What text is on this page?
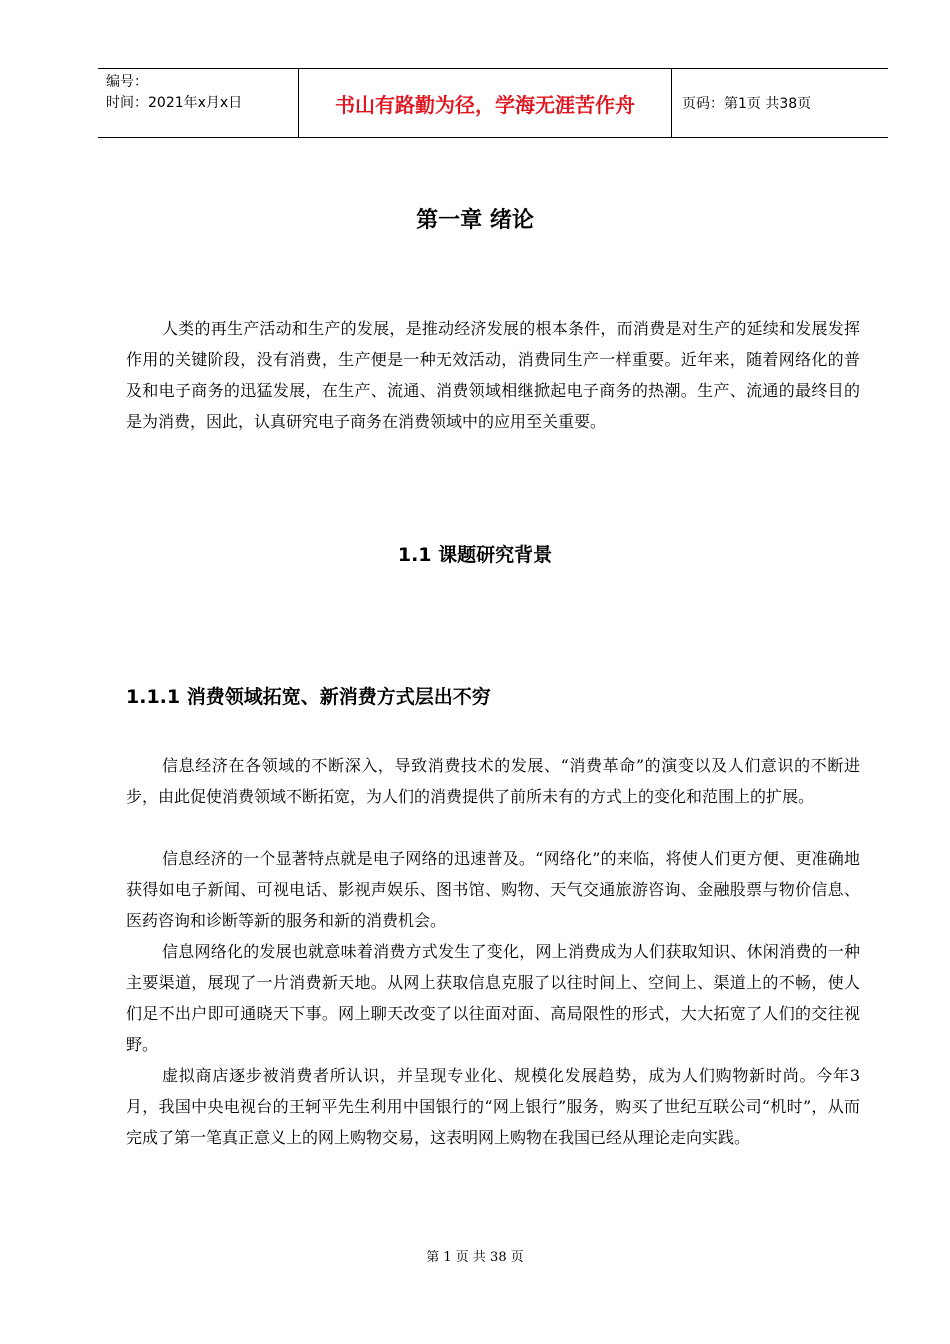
编号：
时间：2021年x月x日	书山有路勤为径，学海无涯苦作舟	页码：第1页 共38页
第一章 绪论

人类的再生产活动和生产的发展，是推动经济发展的根本条件，而消费是对生产的延续和发展发挥作用的关键阶段，没有消费，生产便是一种无效活动，消费同生产一样重要。近年来，随着网络化的普及和电子商务的迅猛发展，在生产、流通、消费领域相继掀起电子商务的热潮。生产、流通的最终目的是为消费，因此，认真研究电子商务在消费领域中的应用至关重要。

1.1 课题研究背景
1.1.1 消费领域拓宽、新消费方式层出不穷

信息经济在各领域的不断深入，导致消费技术的发展、“消费革命”的演变以及人们意识的不断进步，由此促使消费领域不断拓宽，为人们的消费提供了前所未有的方式上的变化和范围上的扩展。

信息经济的一个显著特点就是电子网络的迅速普及。“网络化”的来临，将使人们更方便、更准确地获得如电子新闻、可视电话、影视声娱乐、图书馆、购物、天气交通旅游咨询、金融股票与物价信息、医药咨询和诊断等新的服务和新的消费机会。

信息网络化的发展也就意味着消费方式发生了变化，网上消费成为人们获取知识、休闲消费的一种主要渠道，展现了一片消费新天地。从网上获取信息克服了以往时间上、空间上、渠道上的不畅，使人们足不出户即可通晓天下事。网上聊天改变了以往面对面、高局限性的形式，大大拓宽了人们的交往视野。

虚拟商店逐步被消费者所认识，并呈现专业化、规模化发展趋势，成为人们购物新时尚。今年3月，我国中央电视台的王轲平先生利用中国银行的“网上银行”服务，购买了世纪互联公司“机时”，从而完成了第一笔真正意义上的网上购物交易，这表明网上购物在我国已经从理论走向实践。

第 1 页 共 38 页
